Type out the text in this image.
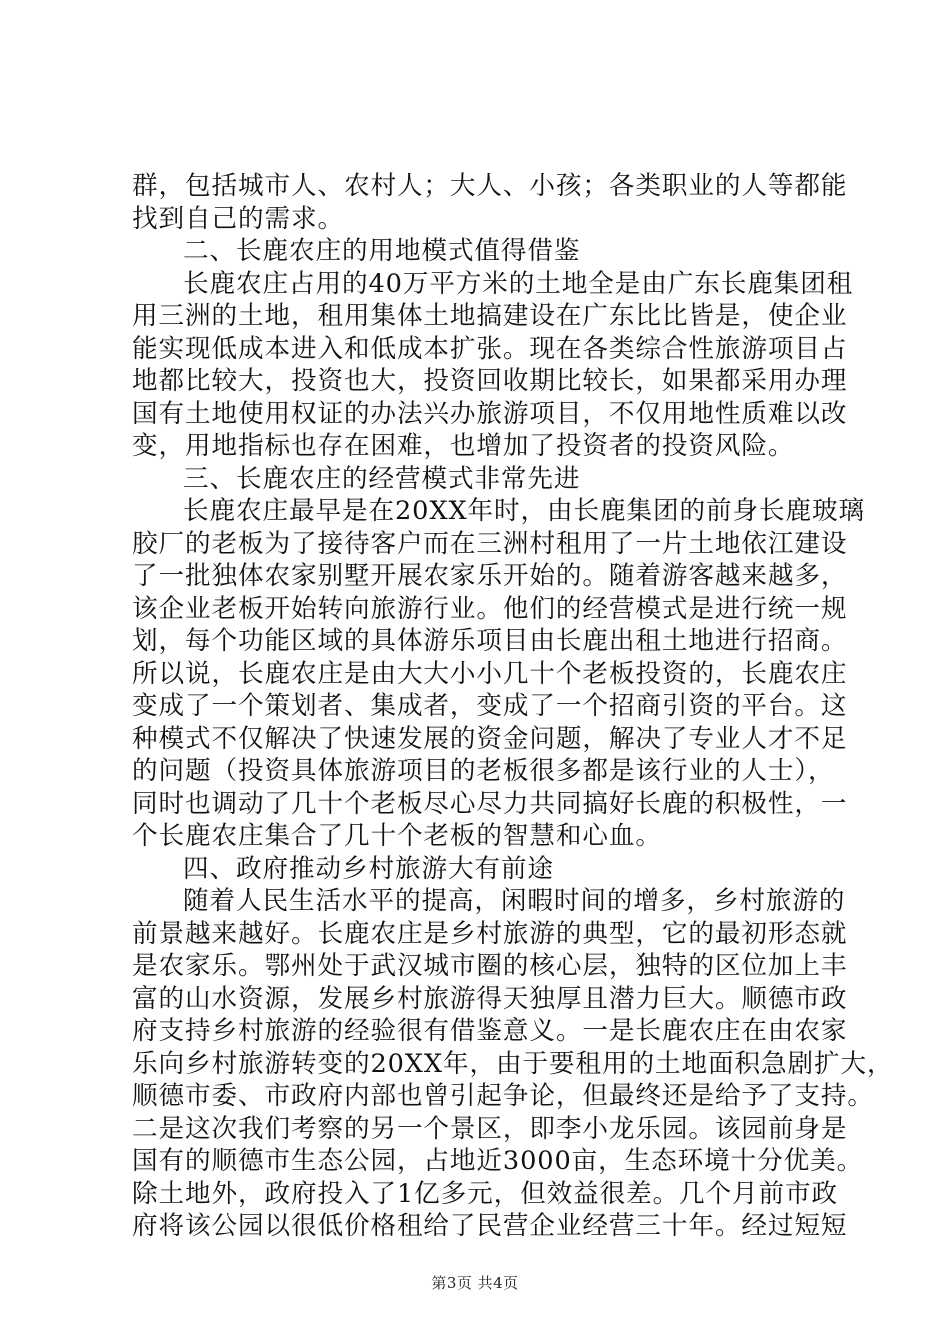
群，包括城市人、农村人；大人、小孩；各类职业的人等都能
找到自己的需求。
二、长鹿农庄的用地模式值得借鉴
长鹿农庄占用的40万平方米的土地全是由广东长鹿集团租
用三洲的土地，租用集体土地搞建设在广东比比皆是，使企业
能实现低成本进入和低成本扩张。现在各类综合性旅游项目占
地都比较大，投资也大，投资回收期比较长，如果都采用办理
国有土地使用权证的办法兴办旅游项目，不仅用地性质难以改
变，用地指标也存在困难，也增加了投资者的投资风险。
三、长鹿农庄的经营模式非常先进
长鹿农庄最早是在20XX年时，由长鹿集团的前身长鹿玻璃
胶厂的老板为了接待客户而在三洲村租用了一片土地依江建设
了一批独体农家别墅开展农家乐开始的。随着游客越来越多，
该企业老板开始转向旅游行业。他们的经营模式是进行统一规
划，每个功能区域的具体游乐项目由长鹿出租土地进行招商。
所以说，长鹿农庄是由大大小小几十个老板投资的，长鹿农庄
变成了一个策划者、集成者，变成了一个招商引资的平台。这
种模式不仅解决了快速发展的资金问题，解决了专业人才不足
的问题（投资具体旅游项目的老板很多都是该行业的人士），
同时也调动了几十个老板尽心尽力共同搞好长鹿的积极性，一
个长鹿农庄集合了几十个老板的智慧和心血。
四、政府推动乡村旅游大有前途
随着人民生活水平的提高，闲暇时间的增多，乡村旅游的
前景越来越好。长鹿农庄是乡村旅游的典型，它的最初形态就
是农家乐。鄂州处于武汉城市圈的核心层，独特的区位加上丰
富的山水资源，发展乡村旅游得天独厚且潜力巨大。顺德市政
府支持乡村旅游的经验很有借鉴意义。一是长鹿农庄在由农家
乐向乡村旅游转变的20XX年，由于要租用的土地面积急剧扩大，
顺德市委、市政府内部也曾引起争论，但最终还是给予了支持。
二是这次我们考察的另一个景区，即李小龙乐园。该园前身是
国有的顺德市生态公园，占地近3000亩，生态环境十分优美。
除土地外，政府投入了1亿多元，但效益很差。几个月前市政
府将该公园以很低价格租给了民营企业经营三十年。经过短短
第3页 共4页
